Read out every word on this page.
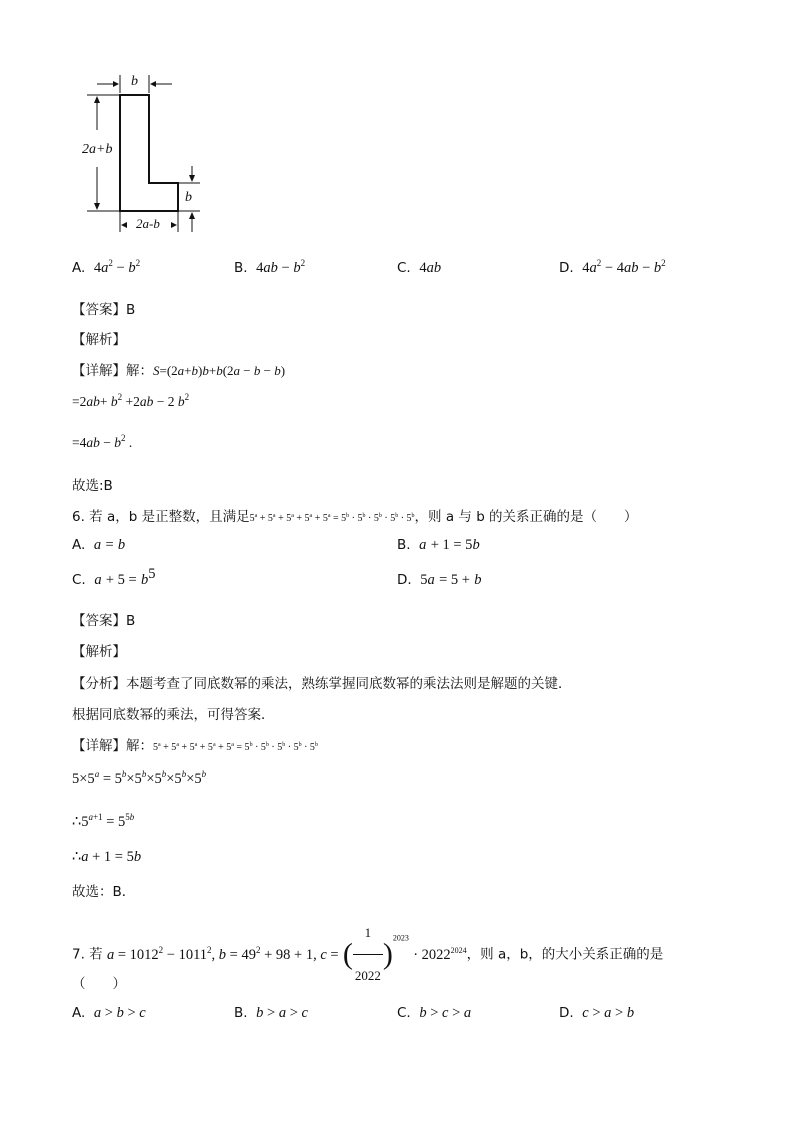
b
2a+b
b
2a-b
A. $4a^2 - b^2$	B. $4ab - b^2$	C. 4ab	D. $4a^2 - 4ab - b^2$
【答案】B
【解析】
【详解】解：S=(2a+b)b+b(2a − b − b)
$=2ab+ b^2 +2ab - 2$ $b^2$
$=4ab - b^2$ .
故选:B
6. 若 a，b 是正整数，且满足$5^a + 5^a + 5^a + 5^a + 5^a = 5^b \cdot 5^b \cdot 5^b \cdot 5^b \cdot 5^b$，则 a 与 b 的关系正确的是（　　）
A. a = b	B. a + 1 = 5b
C. $a + 5 = b^5$	D. 5a = 5 + b
【答案】B
【解析】
【分析】本题考查了同底数幂的乘法，熟练掌握同底数幂的乘法法则是解题的关键．
根据同底数幂的乘法，可得答案．
【详解】解：$5^a + 5^a + 5^a + 5^a + 5^a = 5^b \cdot 5^b \cdot 5^b \cdot 5^b \cdot 5^b$
$5\times 5^a = 5^b\times 5^b\times 5^b\times 5^b\times 5^b$
$\therefore 5^{a+1} = 5^{5b}$
∴a + 1 = 5b
故选：B．
7. 若 $a = 1012^2 - 1011^2$, $b = 49^2 + 98 + 1$, c = ( $\frac{1}{2022} )^{2023} \cdot 2022^{2024}$，则 a，b，的大小关系正确的是
（　　）
A. a > b > c	B. b > a > c	C. b > c > a	D. c > a > b
